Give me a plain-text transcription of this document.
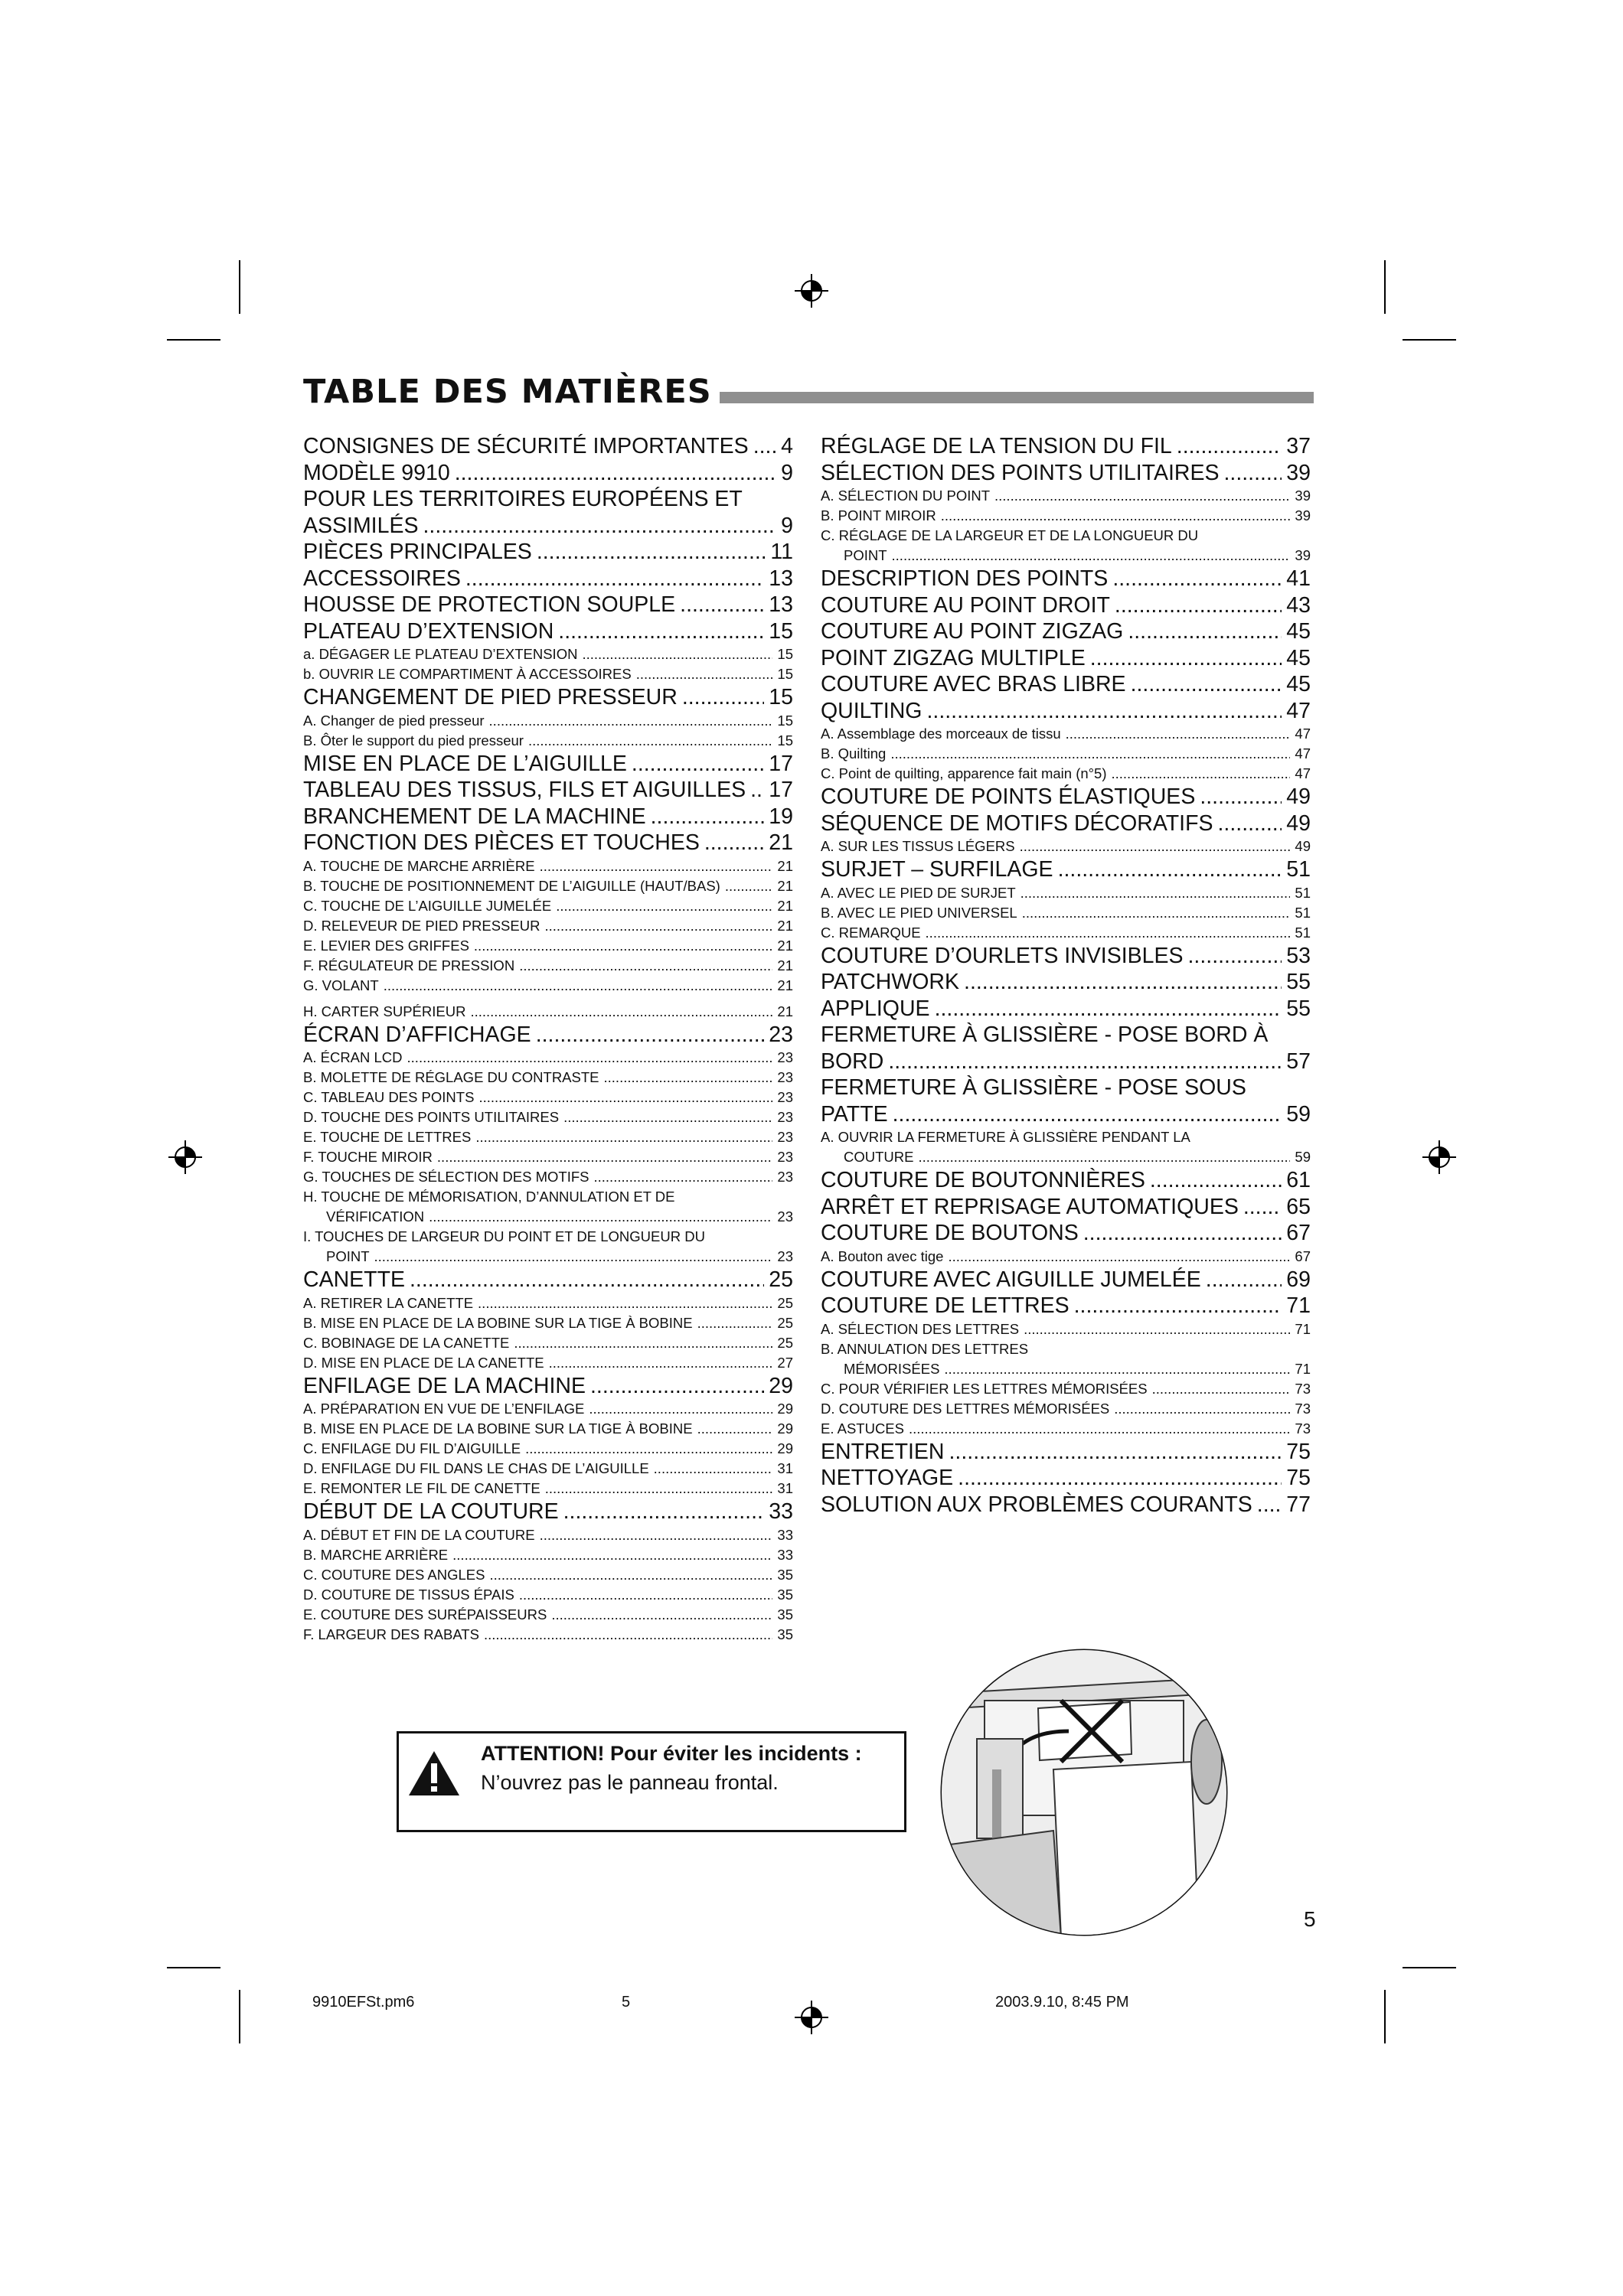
TABLE DES MATIÈRES
CONSIGNES DE SÉCURITÉ IMPORTANTES ..... 4
MODÈLE 9910 .....	9
POUR LES TERRITOIRES EUROPÉENS ET
ASSIMILÉS .....	9
PIÈCES PRINCIPALES .....	11
ACCESSOIRES .....	13
HOUSSE DE PROTECTION SOUPLE .....	13
PLATEAU D’EXTENSION .....	15
a. DÉGAGER LE PLATEAU D’EXTENSION .....	15
b. OUVRIR LE COMPARTIMENT À ACCESSOIRES .....	15
CHANGEMENT DE PIED PRESSEUR .....	15
A. Changer de pied presseur .....	15
B. Ôter le support du pied presseur .....	15
MISE EN PLACE DE L’AIGUILLE .....	17
TABLEAU DES TISSUS, FILS ET AIGUILLES ..... 17
BRANCHEMENT DE LA MACHINE .....	19
FONCTION DES PIÈCES ET TOUCHES .....	21
A. TOUCHE DE MARCHE ARRIÈRE .....	21
B. TOUCHE DE POSITIONNEMENT DE L’AIGUILLE (HAUT/BAS) .....	21
C. TOUCHE DE L’AIGUILLE JUMELÉE .....	21
D. RELEVEUR DE PIED PRESSEUR .....	21
E. LEVIER DES GRIFFES .....	21
F. RÉGULATEUR DE PRESSION .....	21
G. VOLANT .....	21
H. CARTER SUPÉRIEUR .....	21
ÉCRAN D’AFFICHAGE .....	23
A. ÉCRAN LCD .....	23
B. MOLETTE DE RÉGLAGE DU CONTRASTE .....	23
C. TABLEAU DES POINTS .....	23
D. TOUCHE DES POINTS UTILITAIRES .....	23
E. TOUCHE DE LETTRES .....	23
F. TOUCHE MIROIR .....	23
G. TOUCHES DE SÉLECTION DES MOTIFS .....	23
H. TOUCHE DE MÉMORISATION, D’ANNULATION ET DE
VÉRIFICATION .....	23
I. TOUCHES DE LARGEUR DU POINT ET DE LONGUEUR DU
POINT .....	23
CANETTE .....	25
A. RETIRER LA CANETTE .....	25
B. MISE EN PLACE DE LA BOBINE SUR LA TIGE À BOBINE .....	25
C. BOBINAGE DE LA CANETTE .....	25
D. MISE EN PLACE DE LA CANETTE .....	27
ENFILAGE DE LA MACHINE .....	29
A. PRÉPARATION EN VUE DE L’ENFILAGE .....	29
B. MISE EN PLACE DE LA BOBINE SUR LA TIGE À BOBINE .....	29
C. ENFILAGE DU FIL D’AIGUILLE .....	29
D. ENFILAGE DU FIL DANS LE CHAS DE L’AIGUILLE .....	31
E. REMONTER LE FIL DE CANETTE .....	31
DÉBUT DE LA COUTURE .....	33
A. DÉBUT ET FIN DE LA COUTURE .....	33
B. MARCHE ARRIÈRE .....	33
C. COUTURE DES ANGLES .....	35
D. COUTURE DE TISSUS ÉPAIS .....	35
E. COUTURE DES SURÉPAISSEURS .....	35
F. LARGEUR DES RABATS .....	35
RÉGLAGE DE LA TENSION DU FIL .....	37
SÉLECTION DES POINTS UTILITAIRES .....	39
A. SÉLECTION DU POINT .....	39
B. POINT MIROIR .....	39
C. RÉGLAGE DE LA LARGEUR ET DE LA LONGUEUR DU
POINT .....	39
DESCRIPTION DES POINTS .....	41
COUTURE AU POINT DROIT .....	43
COUTURE AU POINT ZIGZAG .....	45
POINT ZIGZAG MULTIPLE .....	45
COUTURE AVEC BRAS LIBRE .....	45
QUILTING .....	47
A. Assemblage des morceaux de tissu .....	47
B. Quilting .....	47
C. Point de quilting, apparence fait main (n°5) .....	47
COUTURE DE POINTS ÉLASTIQUES .....	49
SÉQUENCE DE MOTIFS DÉCORATIFS .....	49
A. SUR LES TISSUS LÉGERS .....	49
SURJET – SURFILAGE .....	51
A. AVEC LE PIED DE SURJET .....	51
B. AVEC LE PIED UNIVERSEL .....	51
C. REMARQUE .....	51
COUTURE D’OURLETS INVISIBLES .....	53
PATCHWORK .....	55
APPLIQUE .....	55
FERMETURE À GLISSIÈRE - POSE BORD À
BORD .....	57
FERMETURE À GLISSIÈRE - POSE SOUS
PATTE .....	59
A. OUVRIR LA FERMETURE À GLISSIÈRE PENDANT LA
COUTURE .....	59
COUTURE DE BOUTONNIÈRES .....	61
ARRÊT ET REPRISAGE AUTOMATIQUES ..... 65
COUTURE DE BOUTONS .....	67
A. Bouton avec tige .....	67
COUTURE AVEC AIGUILLE JUMELÉE .....	69
COUTURE DE LETTRES .....	71
A. SÉLECTION DES LETTRES .....	71
B. ANNULATION DES LETTRES
MÉMORISÉES .....	71
C. POUR VÉRIFIER LES LETTRES MÉMORISÉES .....	73
D. COUTURE DES LETTRES MÉMORISÉES .....	73
E. ASTUCES .....	73
ENTRETIEN .....	75
NETTOYAGE .....	75
SOLUTION AUX PROBLÈMES COURANTS ..... 77
ATTENTION! Pour éviter les incidents :
N’ouvrez pas le panneau frontal.
5
9910EFSt.pm6	5	2003.9.10, 8:45 PM
